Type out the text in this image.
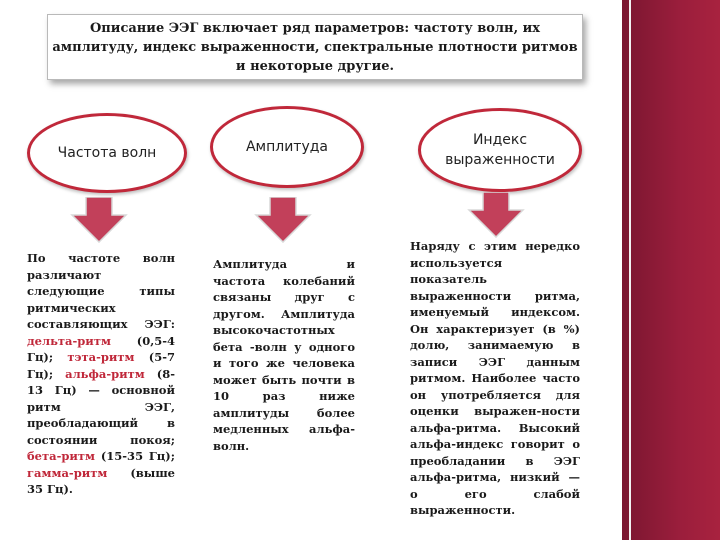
Описание ЭЭГ включает ряд параметров: частоту волн, их амплитуду, индекс выраженности, спектральные плотности ритмов и некоторые другие.
Частота волн	Амплитуда	Индекс выраженности
По частоте волн различают следующие типы ритмических составляющих ЭЭГ: дельта-ритм (0,5-4 Гц); тэта-ритм (5-7 Гц); альфа-ритм (8-13 Гц) — основной ритм ЭЭГ, преобладающий в состоянии покоя; бета-ритм (15-35 Гц); гамма-ритм (выше 35 Гц).
Амплитуда и частота колебаний связаны друг с другом. Амплитуда высокочастотных бета -волн у одного и того же человека может быть почти в 10 раз ниже амплитуды более медленных альфа-волн.
Наряду с этим нередко используется показатель выраженности ритма, именуемый индексом. Он характеризует (в %) долю, занимаемую в записи ЭЭГ данным ритмом. Наиболее часто он употребляется для оценки выражен-ности альфа-ритма. Высокий альфа-индекс говорит о преобладании в ЭЭГ альфа-ритма, низкий — о его слабой выраженности.
